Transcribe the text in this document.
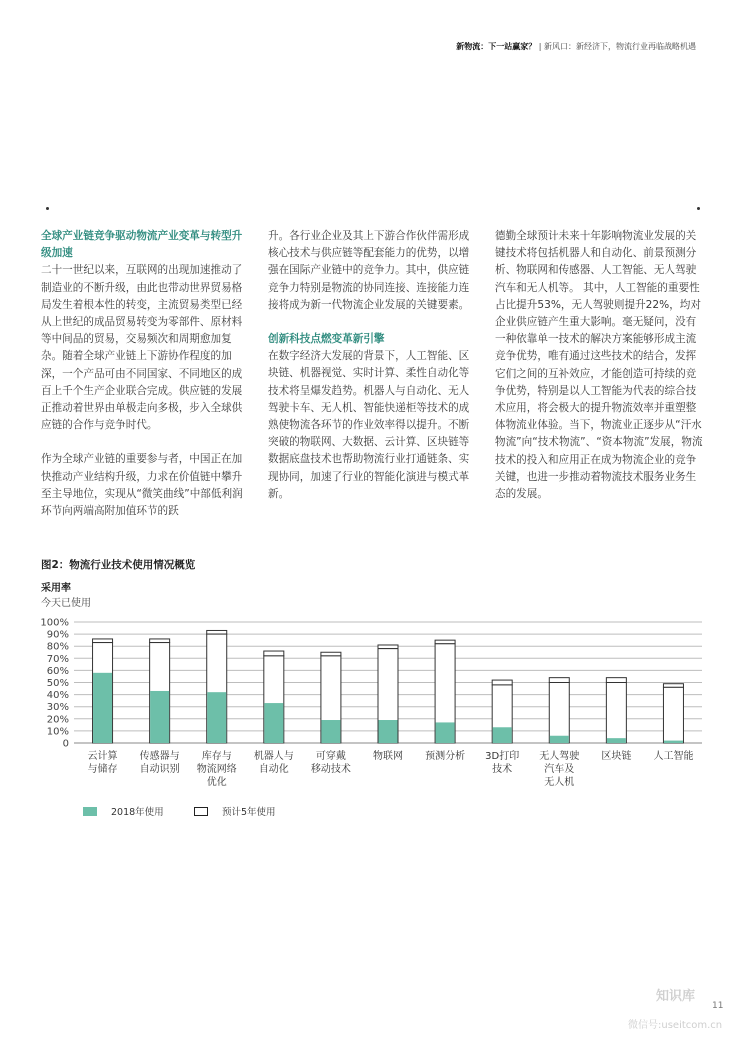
新物流：下一站赢家？ | 新风口：新经济下，物流行业再临战略机遇
全球产业链竞争驱动物流产业变革与转型升级加速

二十一世纪以来，互联网的出现加速推动了制造业的不断升级，由此也带动世界贸易格局发生着根本性的转变，主流贸易类型已经从上世纪的成品贸易转变为零部件、原材料等中间品的贸易，交易频次和周期愈加复杂。随着全球产业链上下游协作程度的加深，一个产品可由不同国家、不同地区的成百上千个生产企业联合完成。供应链的发展正推动着世界由单极走向多极，步入全球供应链的合作与竞争时代。

作为全球产业链的重要参与者，中国正在加快推动产业结构升级，力求在价值链中攀升至主导地位，实现从“微笑曲线”中部低利润环节向两端高附加值环节的跃

升。各行业企业及其上下游合作伙伴需形成核心技术与供应链等配套能力的优势，以增强在国际产业链中的竞争力。其中，供应链竞争力特别是物流的协同连接、连接能力连接将成为新一代物流企业发展的关键要素。

创新科技点燃变革新引擎

在数字经济大发展的背景下，人工智能、区块链、机器视觉、实时计算、柔性自动化等技术将呈爆发趋势。机器人与自动化、无人驾驶卡车、无人机、智能快递柜等技术的成熟使物流各环节的作业效率得以提升。不断突破的物联网、大数据、云计算、区块链等数据底盘技术也帮助物流行业打通链条、实现协同，加速了行业的智能化演进与模式革新。

德勤全球预计未来十年影响物流业发展的关键技术将包括机器人和自动化、前景预测分析、物联网和传感器、人工智能、无人驾驶汽车和无人机等。 其中，人工智能的重要性占比提升53%，无人驾驶则提升22%，均对企业供应链产生重大影响。毫无疑问，没有一种依靠单一技术的解决方案能够形成主流竞争优势，唯有通过这些技术的结合，发挥它们之间的互补效应，才能创造可持续的竞争优势，特别是以人工智能为代表的综合技术应用，将会极大的提升物流效率并重塑整体物流业体验。当下，物流业正逐步从“汗水物流”向“技术物流”、“资本物流”发展，物流技术的投入和应用正在成为物流企业的竞争关键，也进一步推动着物流技术服务业务生态的发展。

图2：物流行业技术使用情况概览
采用率
今天已使用
100%
90%
80%
70%
60%
50%
40%
30%
20%
10%
0
云计算
与储存
传感器与
自动识别
库存与
物流网络
优化
机器人与
自动化
可穿戴
移动技术
物联网 预测分析 3D打印
技术
无人驾驶
汽车及
无人机
区块链 人工智能
2018年使用	预计5年使用
知识库
11
微信号:useitcom.cn
